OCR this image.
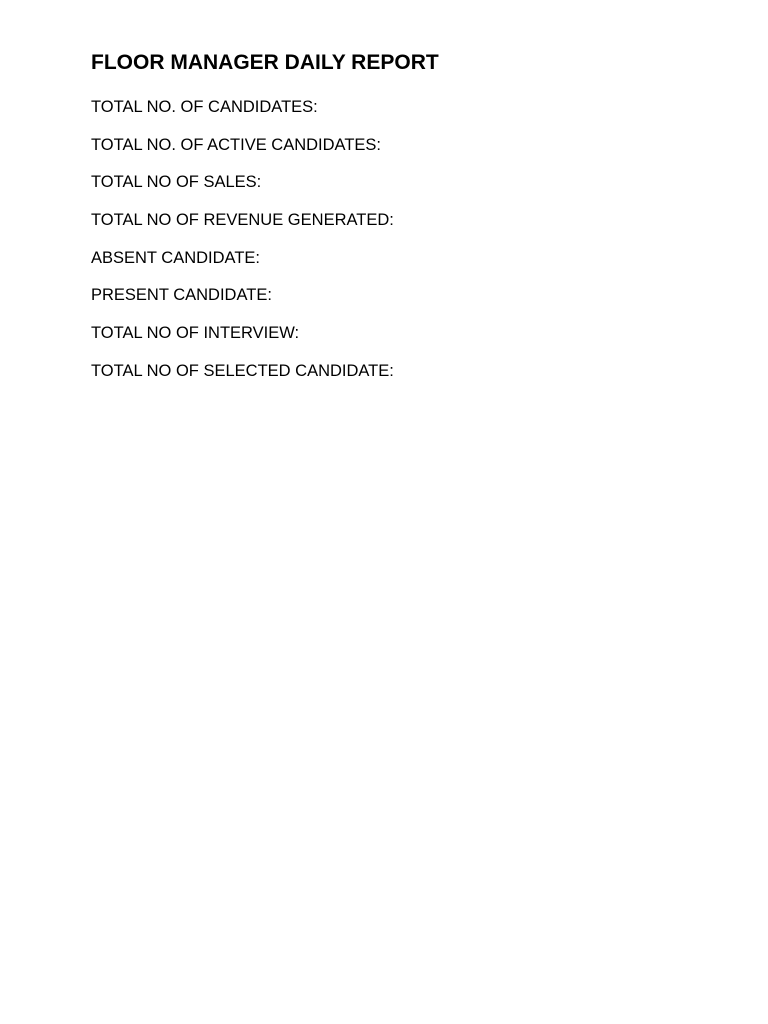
FLOOR MANAGER DAILY REPORT
TOTAL NO. OF CANDIDATES:
TOTAL NO. OF ACTIVE CANDIDATES:
TOTAL NO OF SALES:
TOTAL NO OF REVENUE GENERATED:
ABSENT CANDIDATE:
PRESENT CANDIDATE:
TOTAL NO OF INTERVIEW:
TOTAL NO OF SELECTED CANDIDATE:
